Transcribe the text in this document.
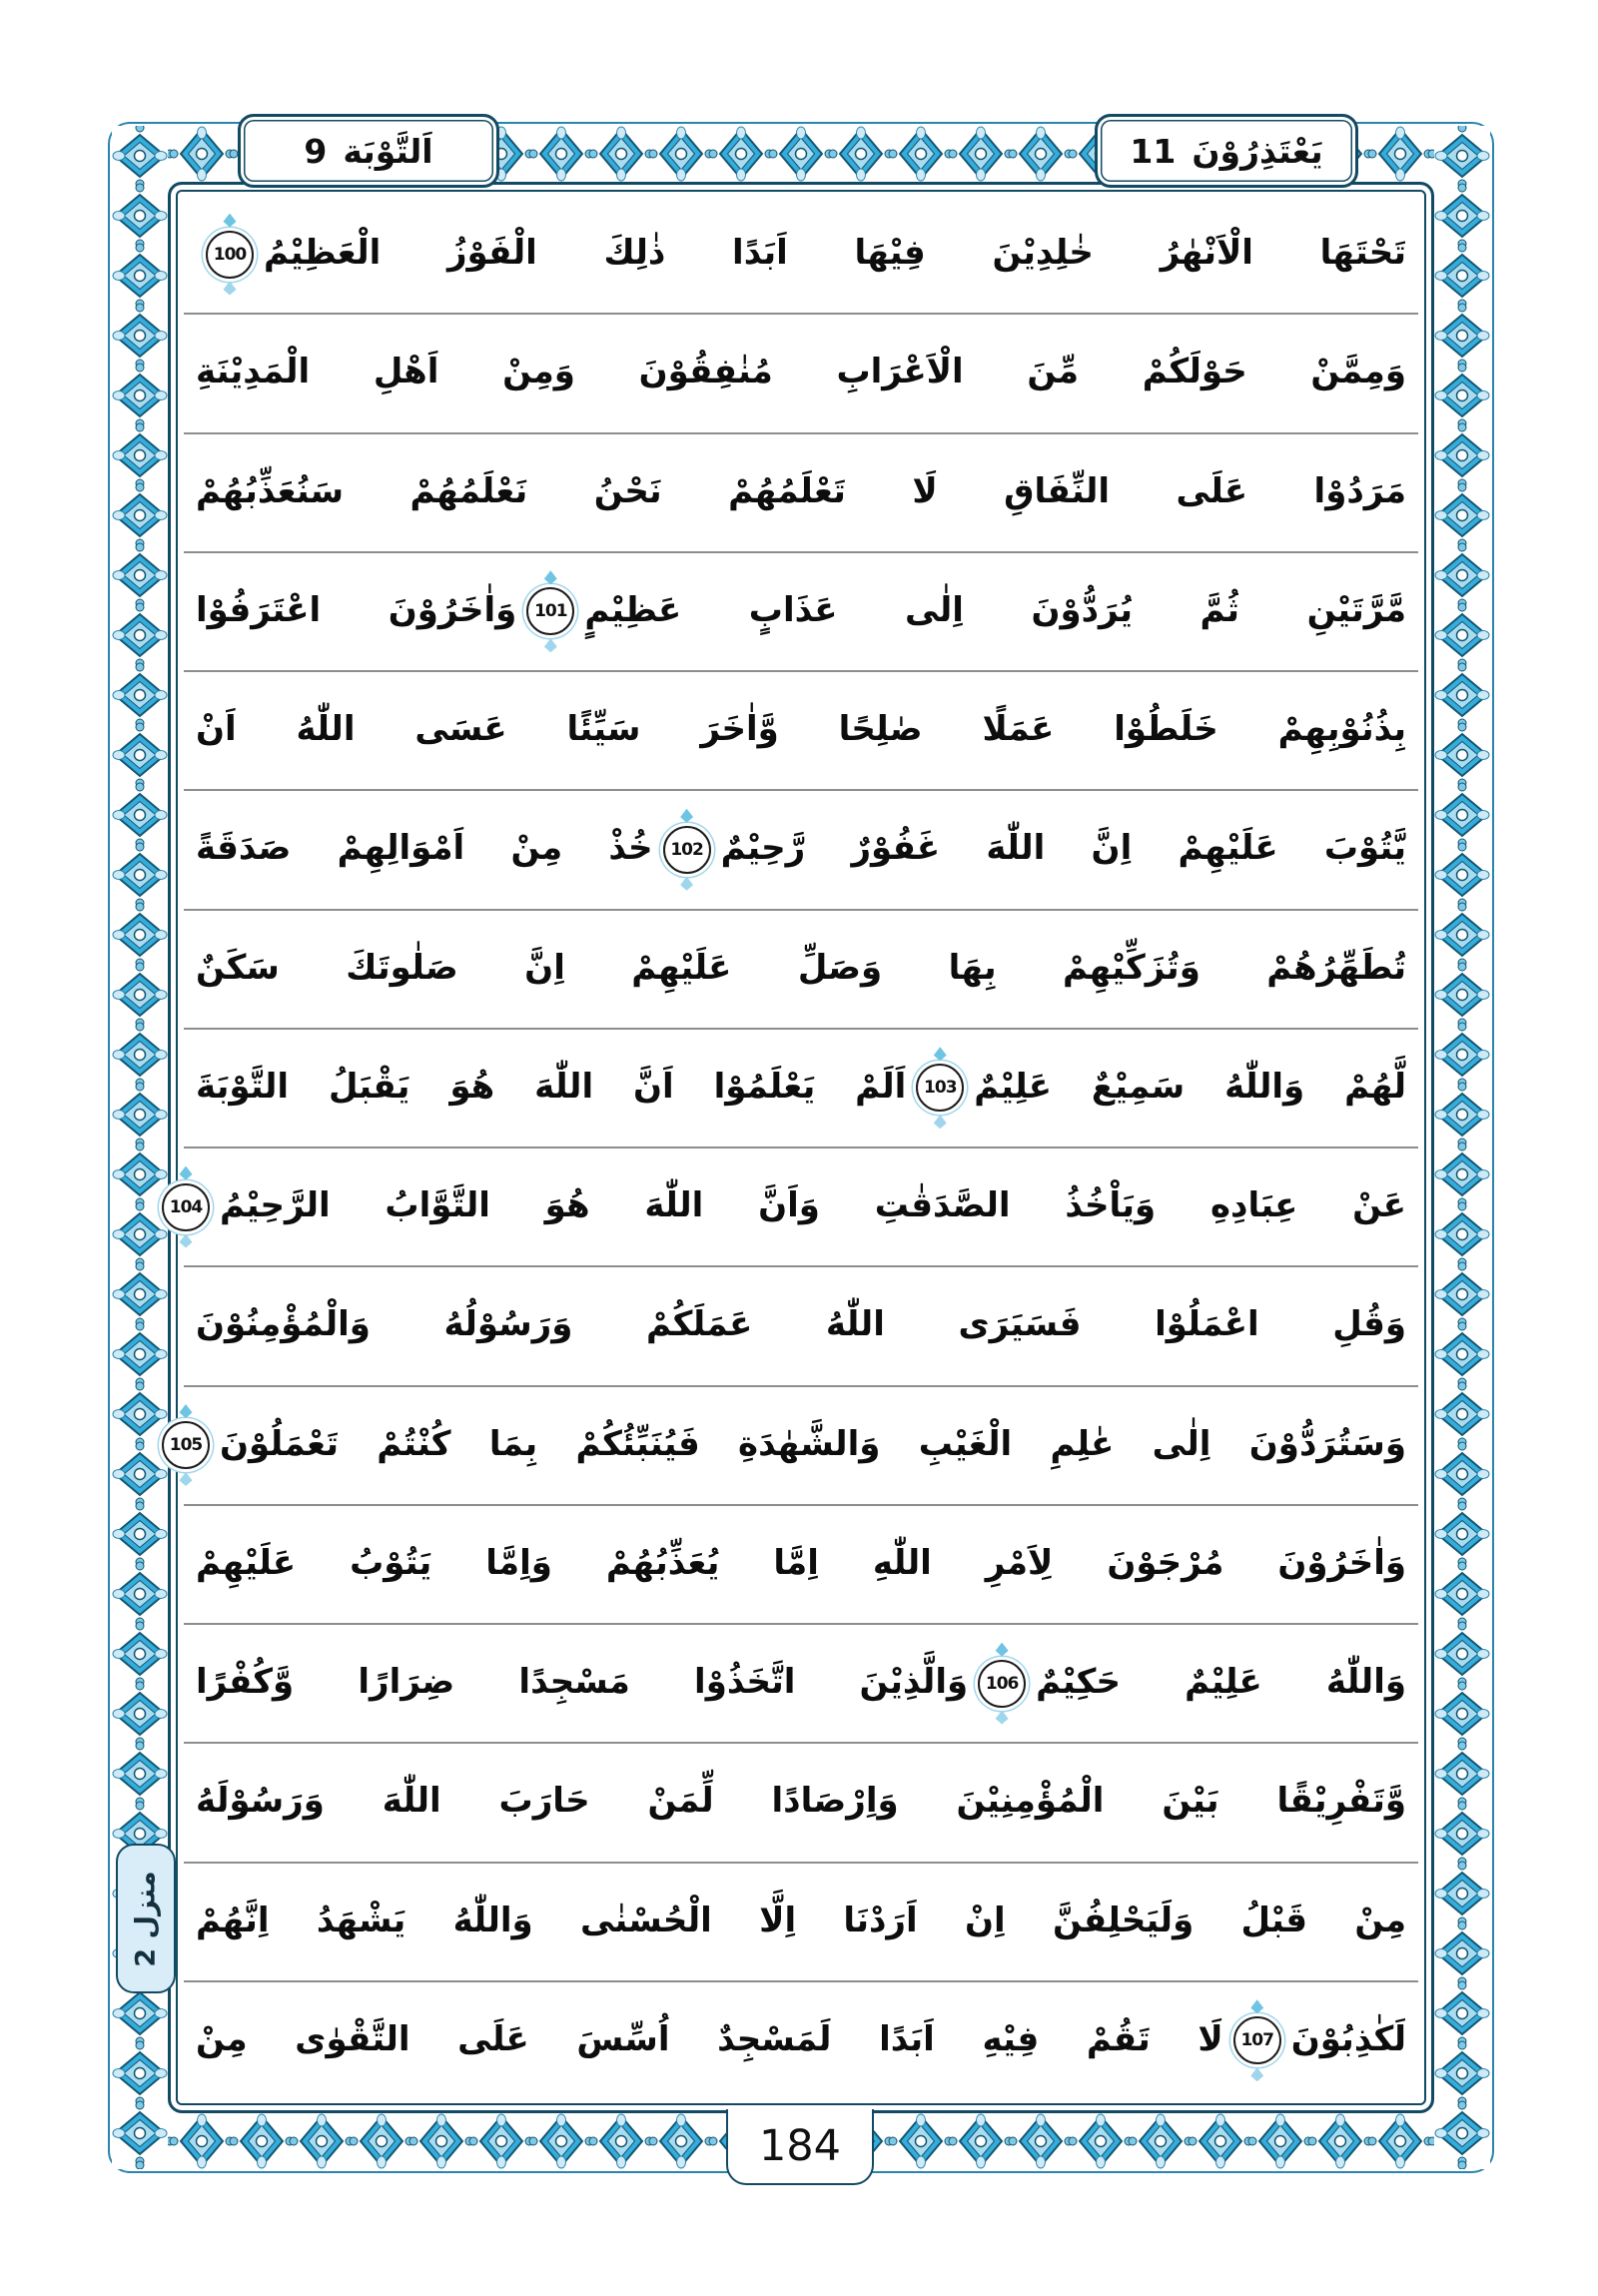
اَلتَّوْبَة
9	يَعْتَذِرُوْنَ
11
تَحْتَهَا الْاَنْهٰرُ خٰلِدِيْنَ فِيْهَا اَبَدًا ذٰلِكَ الْفَوْزُ الْعَظِيْمُ100
وَمِمَّنْ حَوْلَكُمْ مِّنَ الْاَعْرَابِ مُنٰفِقُوْنَ وَمِنْ اَهْلِ الْمَدِيْنَةِ
مَرَدُوْا عَلَى النِّفَاقِ لَا تَعْلَمُهُمْ نَحْنُ نَعْلَمُهُمْ سَنُعَذِّبُهُمْ
مَّرَّتَيْنِ ثُمَّ يُرَدُّوْنَ اِلٰى عَذَابٍ عَظِيْمٍ101وَاٰخَرُوْنَ اعْتَرَفُوْا
بِذُنُوْبِهِمْ خَلَطُوْا عَمَلًا صٰلِحًا وَّاٰخَرَ سَيِّئًا عَسَى اللّٰهُ اَنْ
يَّتُوْبَ عَلَيْهِمْ اِنَّ اللّٰهَ غَفُوْرٌ رَّحِيْمٌ102خُذْ مِنْ اَمْوَالِهِمْ صَدَقَةً
تُطَهِّرُهُمْ وَتُزَكِّيْهِمْ بِهَا وَصَلِّ عَلَيْهِمْ اِنَّ صَلٰوتَكَ سَكَنٌ
لَّهُمْ وَاللّٰهُ سَمِيْعٌ عَلِيْمٌ103اَلَمْ يَعْلَمُوْا اَنَّ اللّٰهَ هُوَ يَقْبَلُ التَّوْبَةَ
عَنْ عِبَادِهِ وَيَاْخُذُ الصَّدَقٰتِ وَاَنَّ اللّٰهَ هُوَ التَّوَّابُ الرَّحِيْمُ104
وَقُلِ اعْمَلُوْا فَسَيَرَى اللّٰهُ عَمَلَكُمْ وَرَسُوْلُهُ وَالْمُؤْمِنُوْنَ
وَسَتُرَدُّوْنَ اِلٰى عٰلِمِ الْغَيْبِ وَالشَّهٰدَةِ فَيُنَبِّئُكُمْ بِمَا كُنْتُمْ تَعْمَلُوْنَ105
وَاٰخَرُوْنَ مُرْجَوْنَ لِاَمْرِ اللّٰهِ اِمَّا يُعَذِّبُهُمْ وَاِمَّا يَتُوْبُ عَلَيْهِمْ
وَاللّٰهُ عَلِيْمٌ حَكِيْمٌ106وَالَّذِيْنَ اتَّخَذُوْا مَسْجِدًا ضِرَارًا وَّكُفْرًا
وَّتَفْرِيْقًا بَيْنَ الْمُؤْمِنِيْنَ وَاِرْصَادًا لِّمَنْ حَارَبَ اللّٰهَ وَرَسُوْلَهُ
مِنْ قَبْلُ وَلَيَحْلِفُنَّ اِنْ اَرَدْنَا اِلَّا الْحُسْنٰى وَاللّٰهُ يَشْهَدُ اِنَّهُمْ
لَكٰذِبُوْنَ107لَا تَقُمْ فِيْهِ اَبَدًا لَمَسْجِدٌ اُسِّسَ عَلَى التَّقْوٰى مِنْ
منزل 2
184
